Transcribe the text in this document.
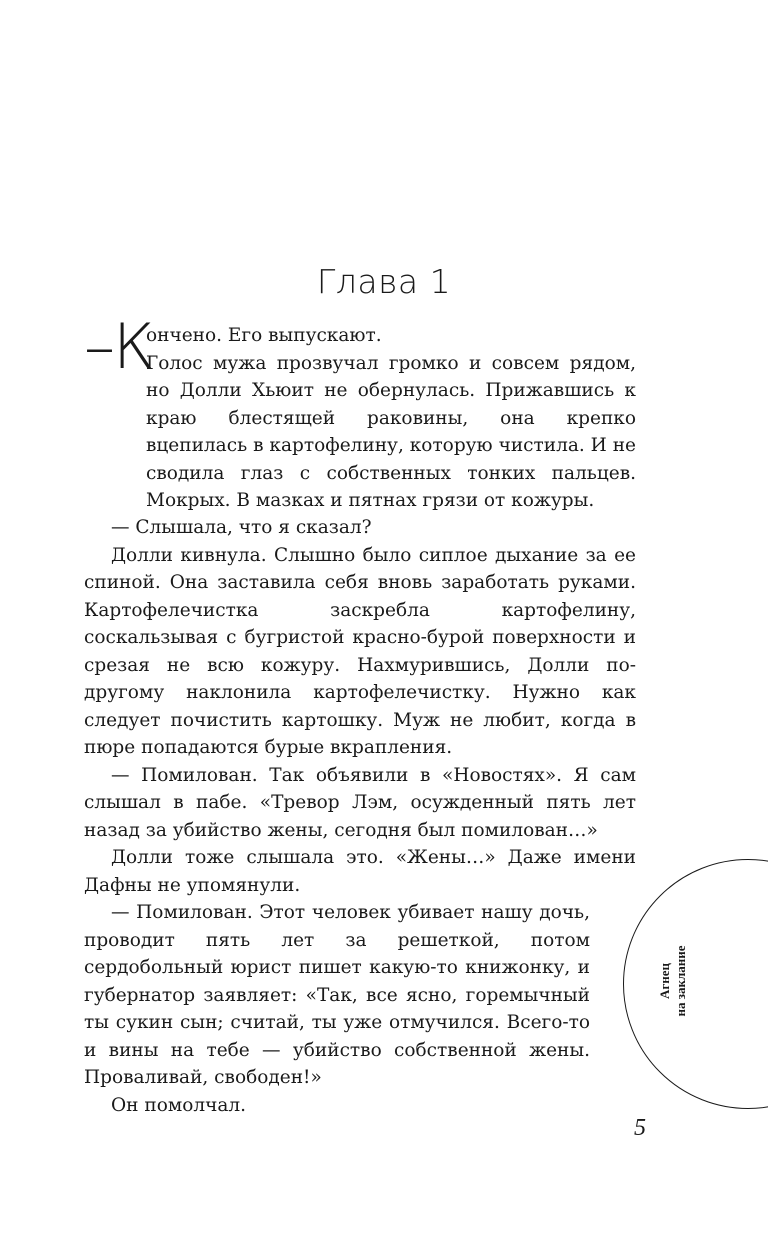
Глава 1
–К

ончено. Его выпускают.

Голос мужа прозвучал громко и совсем рядом, но Долли Хьюит не обернулась. Прижавшись к краю блестящей раковины, она крепко вцепилась в картофелину, которую чистила. И не сводила глаз с собственных тонких пальцев. Мокрых. В мазках и пятнах грязи от кожуры.

— Слышала, что я сказал?

Долли кивнула. Слышно было сиплое дыхание за ее спиной. Она заставила себя вновь заработать руками. Картофелечистка заскребла картофелину, соскальзывая с бугристой красно-бурой поверхности и срезая не всю кожуру. Нахмурившись, Долли по-другому наклонила картофелечистку. Нужно как следует почистить картошку. Муж не любит, когда в пюре попадаются бурые вкрапления.

— Помилован. Так объявили в «Новостях». Я сам слышал в пабе. «Тревор Лэм, осужденный пять лет назад за убийство жены, сегодня был помилован…»

Долли тоже слышала это. «Жены…» Даже имени Дафны не упомянули.

— Помилован. Этот человек убивает нашу дочь, проводит пять лет за решеткой, потом сердобольный юрист пишет какую-то книжонку, и губернатор заявляет: «Так, все ясно, горемычный ты сукин сын; считай, ты уже отмучился. Всего-то и вины на тебе — убийство собственной жены. Проваливай, свободен!»

Он помолчал.

Агнец на заклание
5
